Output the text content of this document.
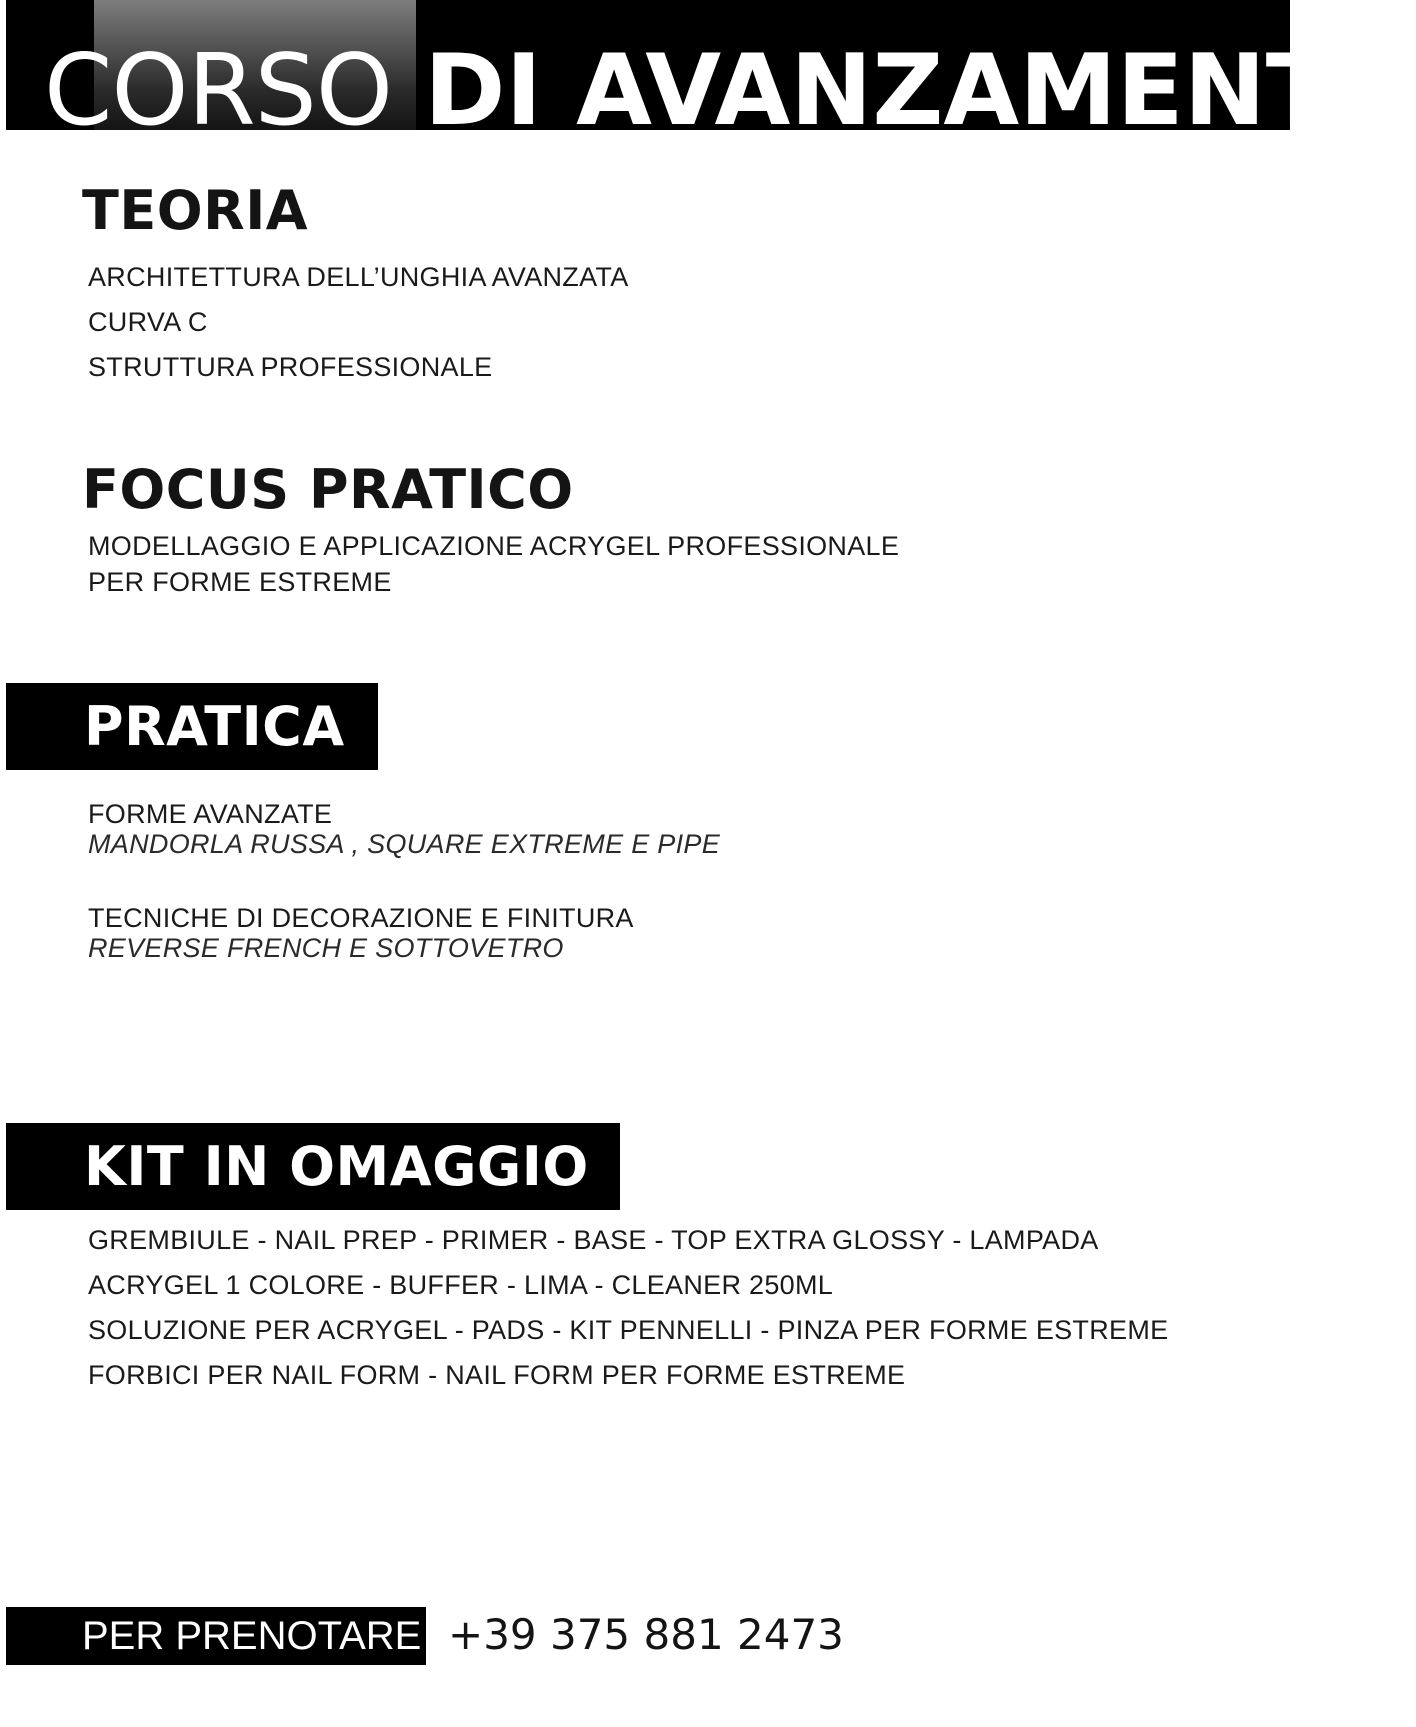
CORSO DI AVANZAMENTO
TEORIA

ARCHITETTURA DELL’UNGHIA AVANZATA

CURVA C

STRUTTURA PROFESSIONALE

FOCUS PRATICO

MODELLAGGIO E APPLICAZIONE ACRYGEL PROFESSIONALE

PER FORME ESTREME

PRATICA

FORME AVANZATE

MANDORLA RUSSA , SQUARE EXTREME E PIPE

TECNICHE DI DECORAZIONE E FINITURA

REVERSE FRENCH E SOTTOVETRO

KIT IN OMAGGIO

GREMBIULE - NAIL PREP - PRIMER - BASE - TOP EXTRA GLOSSY - LAMPADA

ACRYGEL 1 COLORE - BUFFER - LIMA - CLEANER 250ML

SOLUZIONE PER ACRYGEL - PADS - KIT PENNELLI - PINZA PER FORME ESTREME

FORBICI PER NAIL FORM - NAIL FORM PER FORME ESTREME

PER PRENOTARE +39 375 881 2473
